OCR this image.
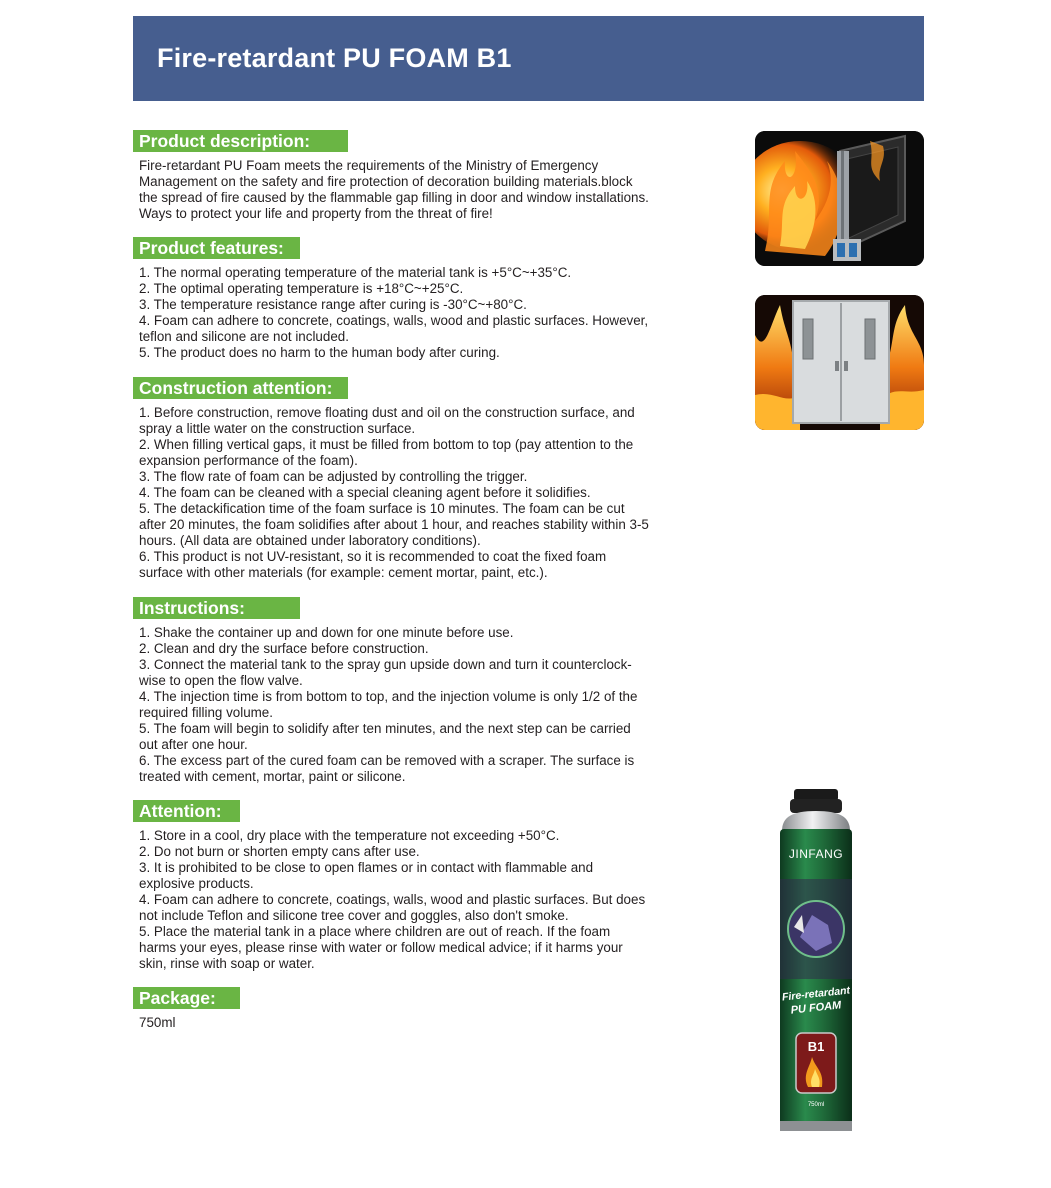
Fire-retardant PU FOAM B1
Product description:

Fire-retardant PU Foam meets the requirements of the Ministry of Emergency

Management on the safety and fire protection of decoration building materials.block

the spread of fire caused by the flammable gap filling in door and window installations.

Ways to protect your life and property from the threat of fire!

Product features:

1. The normal operating temperature of the material tank is +5°C~+35°C.

2. The optimal operating temperature is +18°C~+25°C.

3. The temperature resistance range after curing is -30°C~+80°C.

4. Foam can adhere to concrete, coatings, walls, wood and plastic surfaces. However,

teflon and silicone are not included.

5. The product does no harm to the human body after curing.

Construction attention:

1. Before construction, remove floating dust and oil on the construction surface, and

spray a little water on the construction surface.

2. When filling vertical gaps, it must be filled from bottom to top (pay attention to the

expansion performance of the foam).

3. The flow rate of foam can be adjusted by controlling the trigger.

4. The foam can be cleaned with a special cleaning agent before it solidifies.

5. The detackification time of the foam surface is 10 minutes. The foam can be cut

after 20 minutes, the foam solidifies after about 1 hour, and reaches stability within 3-5

hours. (All data are obtained under laboratory conditions).

6. This product is not UV-resistant, so it is recommended to coat the fixed foam

surface with other materials (for example: cement mortar, paint, etc.).

Instructions:

1. Shake the container up and down for one minute before use.

2. Clean and dry the surface before construction.

3. Connect the material tank to the spray gun upside down and turn it counterclock-

wise to open the flow valve.

4. The injection time is from bottom to top, and the injection volume is only 1/2 of the

required filling volume.

5. The foam will begin to solidify after ten minutes, and the next step can be carried

out after one hour.

6. The excess part of the cured foam can be removed with a scraper. The surface is

treated with cement, mortar, paint or silicone.

Attention:

1. Store in a cool, dry place with the temperature not exceeding +50°C.

2. Do not burn or shorten empty cans after use.

3. It is prohibited to be close to open flames or in contact with flammable and

explosive products.

4. Foam can adhere to concrete, coatings, walls, wood and plastic surfaces. But does

not include Teflon and silicone tree cover and goggles, also don't smoke.

5. Place the material tank in a place where children are out of reach. If the foam

harms your eyes, please rinse with water or follow medical advice; if it harms your

skin, rinse with soap or water.

Package:

750ml

JINFANG
Fire-retardant
PU FOAM
B1
750ml
